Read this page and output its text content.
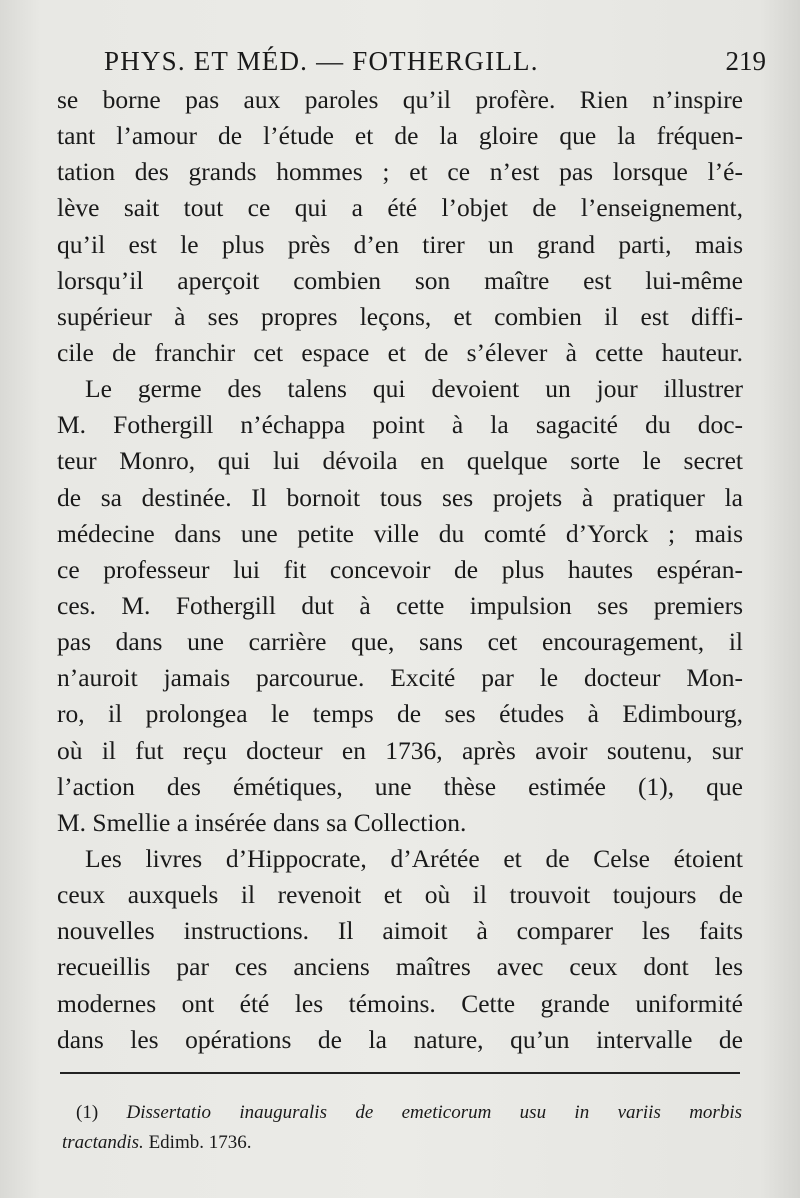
PHYS. ET MÉD. — FOTHERGILL.	219
se borne pas aux paroles qu’il profère. Rien n’inspire
tant l’amour de l’étude et de la gloire que la fréquen-
tation des grands hommes ; et ce n’est pas lorsque l’é-
lève sait tout ce qui a été l’objet de l’enseignement,
qu’il est le plus près d’en tirer un grand parti, mais
lorsqu’il aperçoit combien son maître est lui-même
supérieur à ses propres leçons, et combien il est diffi-
cile de franchir cet espace et de s’élever à cette hauteur.
Le germe des talens qui devoient un jour illustrer
M. Fothergill n’échappa point à la sagacité du doc-
teur Monro, qui lui dévoila en quelque sorte le secret
de sa destinée. Il bornoit tous ses projets à pratiquer la
médecine dans une petite ville du comté d’Yorck ; mais
ce professeur lui fit concevoir de plus hautes espéran-
ces. M. Fothergill dut à cette impulsion ses premiers
pas dans une carrière que, sans cet encouragement, il
n’auroit jamais parcourue. Excité par le docteur Mon-
ro, il prolongea le temps de ses études à Edimbourg,
où il fut reçu docteur en 1736, après avoir soutenu, sur
l’action des émétiques, une thèse estimée (1), que
M. Smellie a insérée dans sa Collection.
Les livres d’Hippocrate, d’Arétée et de Celse étoient
ceux auxquels il revenoit et où il trouvoit toujours de
nouvelles instructions. Il aimoit à comparer les faits
recueillis par ces anciens maîtres avec ceux dont les
modernes ont été les témoins. Cette grande uniformité
dans les opérations de la nature, qu’un intervalle de
(1) Dissertatio inauguralis de emeticorum usu in variis morbis
tractandis. Edimb. 1736.
